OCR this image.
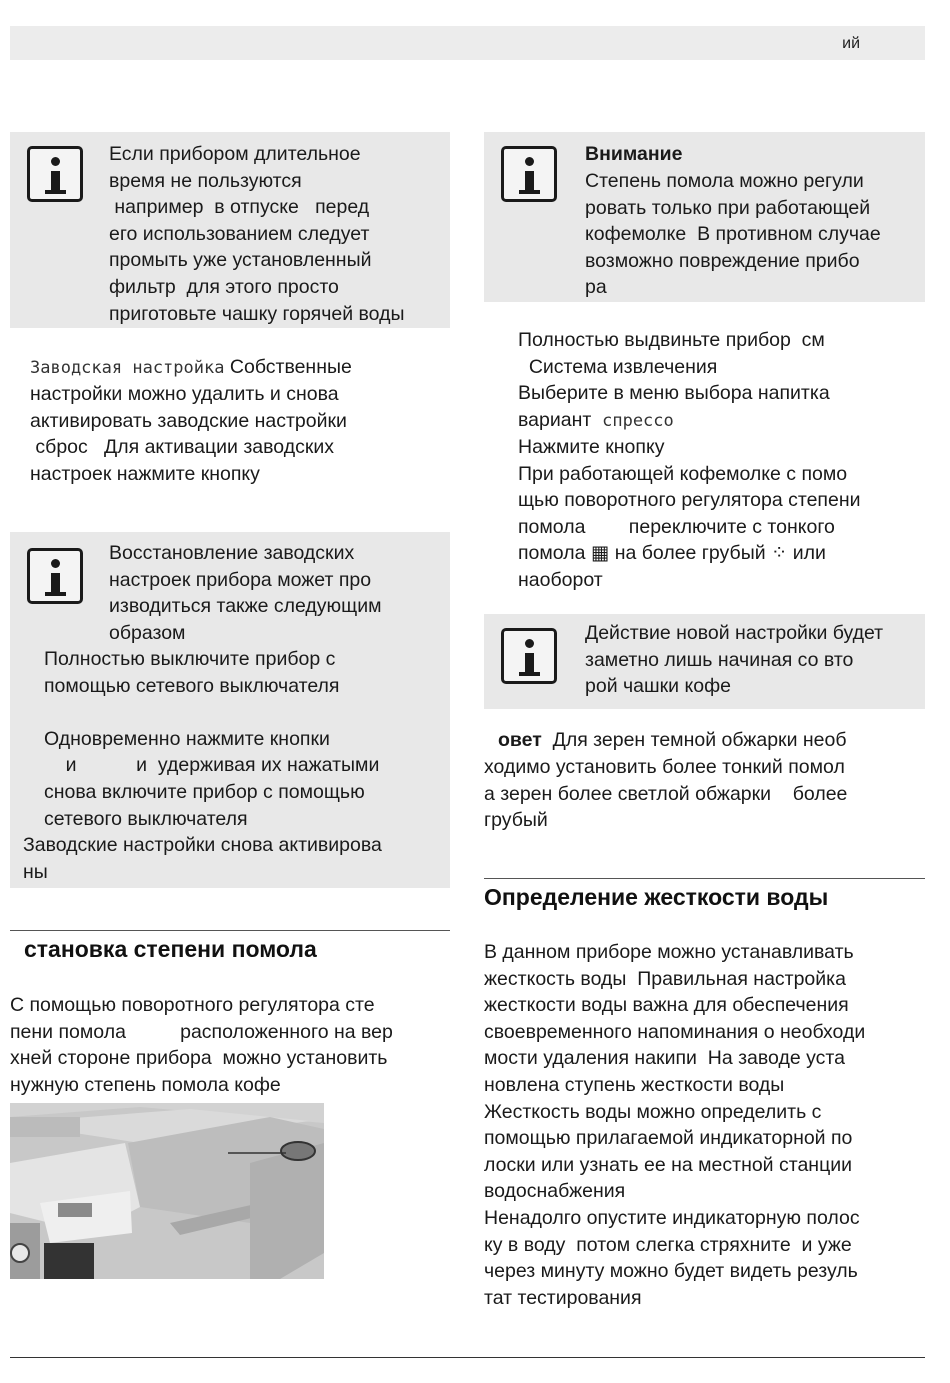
ий
Если прибором длительное
время не пользуются
например  в отпуске   перед
его использованием следует
промыть уже установленный
фильтр  для этого просто
приготовьте чашку горячей воды
Заводская настройка Собственные
настройки можно удалить и снова
активировать заводские настройки
сброс   Для активации заводских
настроек нажмите кнопку
Восстановление заводских
настроек прибора может про
изводиться также следующим
образом
Полностью выключите прибор с
помощью сетевого выключателя
Одновременно нажмите кнопки
и           и  удерживая их нажатыми
снова включите прибор с помощью
сетевого выключателя
Заводские настройки снова активирова
ны
становка степени помола
С помощью поворотного регулятора сте
пени помола          расположенного на вер
хней стороне прибора  можно установить
нужную степень помола кофе
Внимание
Степень помола можно регули
ровать только при работающей
кофемолке  В противном случае
возможно повреждение прибо
ра
Полностью выдвиньте прибор  см
Система извлечения
Выберите в меню выбора напитка
вариант  спрессо
Нажмите кнопку
При работающей кофемолке с помо
щью поворотного регулятора степени
помола        переключите с тонкого
помола ▦ на более грубый ⁘ или
наоборот
Действие новой настройки будет
заметно лишь начиная со вто
рой чашки кофе
овет  Для зерен темной обжарки необ
ходимо установить более тонкий помол
а зерен более светлой обжарки    более
грубый
Определение жесткости воды
В данном приборе можно устанавливать
жесткость воды  Правильная настройка
жесткости воды важна для обеспечения
своевременного напоминания о необходи
мости удаления накипи  На заводе уста
новлена ступень жесткости воды
Жесткость воды можно определить с
помощью прилагаемой индикаторной по
лоски или узнать ее на местной станции
водоснабжения
Ненадолго опустите индикаторную полос
ку в воду  потом слегка стряхните  и уже
через минуту можно будет видеть резуль
тат тестирования
